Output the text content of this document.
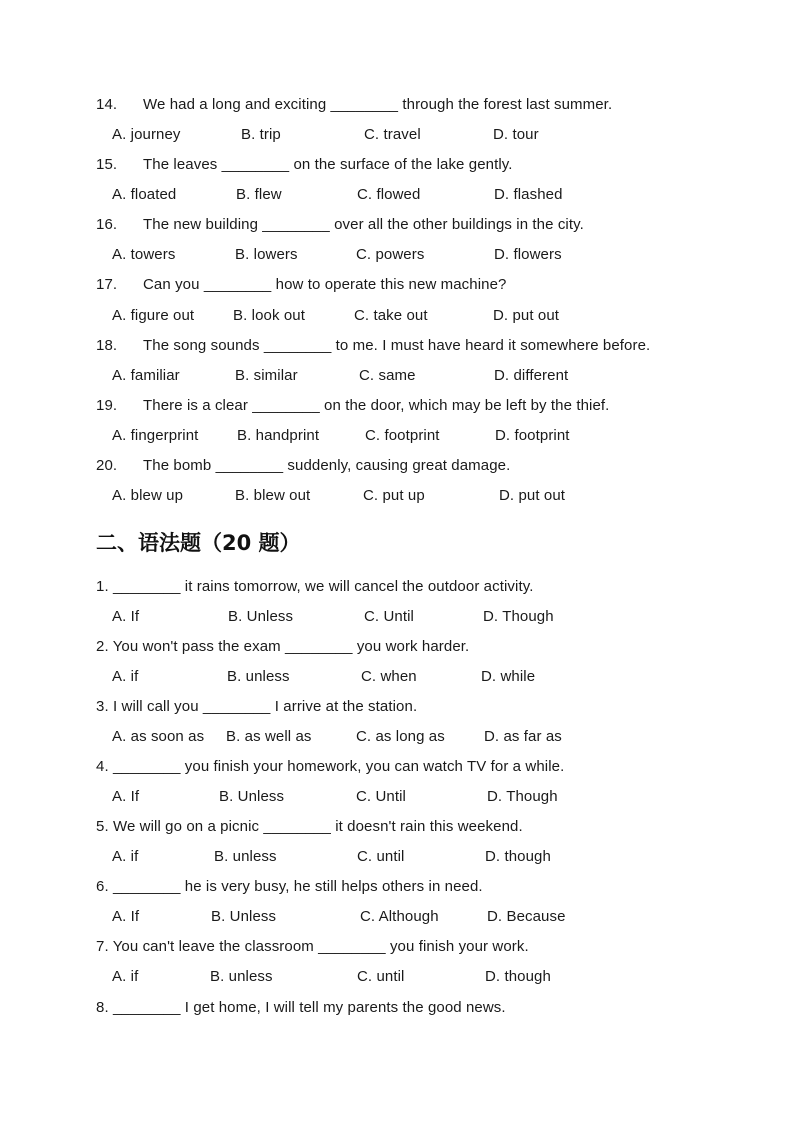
14. We had a long and exciting ________ through the forest last summer.
A. journey	B. trip	C. travel	D. tour
15. The leaves ________ on the surface of the lake gently.
A. floated	B. flew	C. flowed	D. flashed
16. The new building ________ over all the other buildings in the city.
A. towers	B. lowers	C. powers	D. flowers
17. Can you ________ how to operate this new machine?
A. figure out	B. look out	C. take out	D. put out
18. The song sounds ________ to me. I must have heard it somewhere before.
A. familiar	B. similar	C. same	D. different
19. There is a clear ________ on the door, which may be left by the thief.
A. fingerprint	B. handprint	C. footprint	D. footprint
20. The bomb ________ suddenly, causing great damage.
A. blew up	B. blew out	C. put up	D. put out
二、语法题（20 题）
1. ________ it rains tomorrow, we will cancel the outdoor activity.
A. If	B. Unless	C. Until	D. Though
2. You won't pass the exam ________ you work harder.
A. if	B. unless	C. when	D. while
3. I will call you ________ I arrive at the station.
A. as soon as B. as well as	C. as long as	D. as far as
4. ________ you finish your homework, you can watch TV for a while.
A. If	B. Unless	C. Until	D. Though
5. We will go on a picnic ________ it doesn't rain this weekend.
A. if	B. unless	C. until	D. though
6. ________ he is very busy, he still helps others in need.
A. If	B. Unless	C. Although	D. Because
7. You can't leave the classroom ________ you finish your work.
A. if	B. unless	C. until	D. though
8. ________ I get home, I will tell my parents the good news.
